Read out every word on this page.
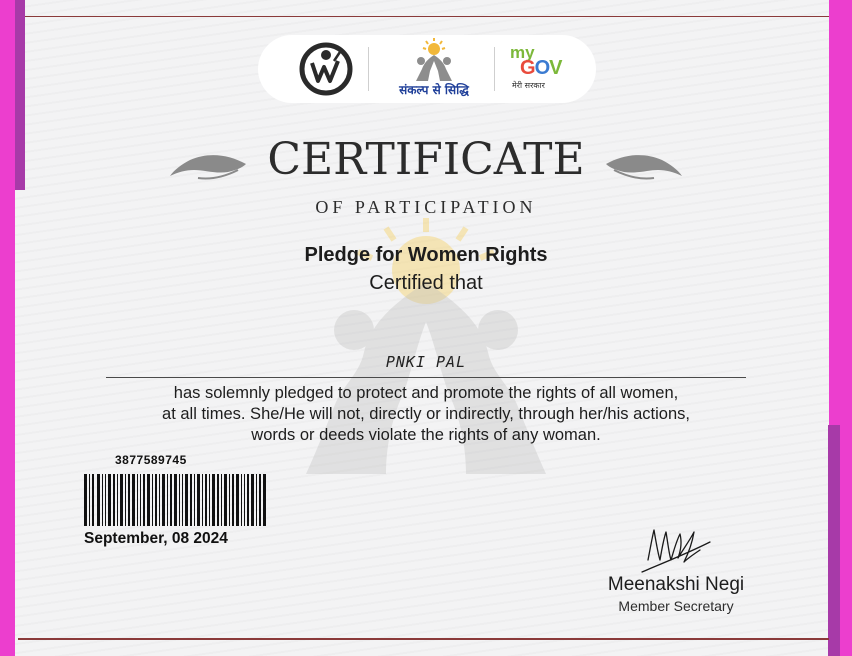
संकल्प से सिद्धि
my
GOV
मेरी सरकार
CERTIFICATE
OF PARTICIPATION
Pledge for Women Rights
Certified that
PNKI PAL
has solemnly pledged to protect and promote the rights of all women,
at all times. She/He will not, directly or indirectly, through her/his actions,
words or deeds violate the rights of any woman.
3877589745
September, 08 2024
Meenakshi Negi
Member Secretary
